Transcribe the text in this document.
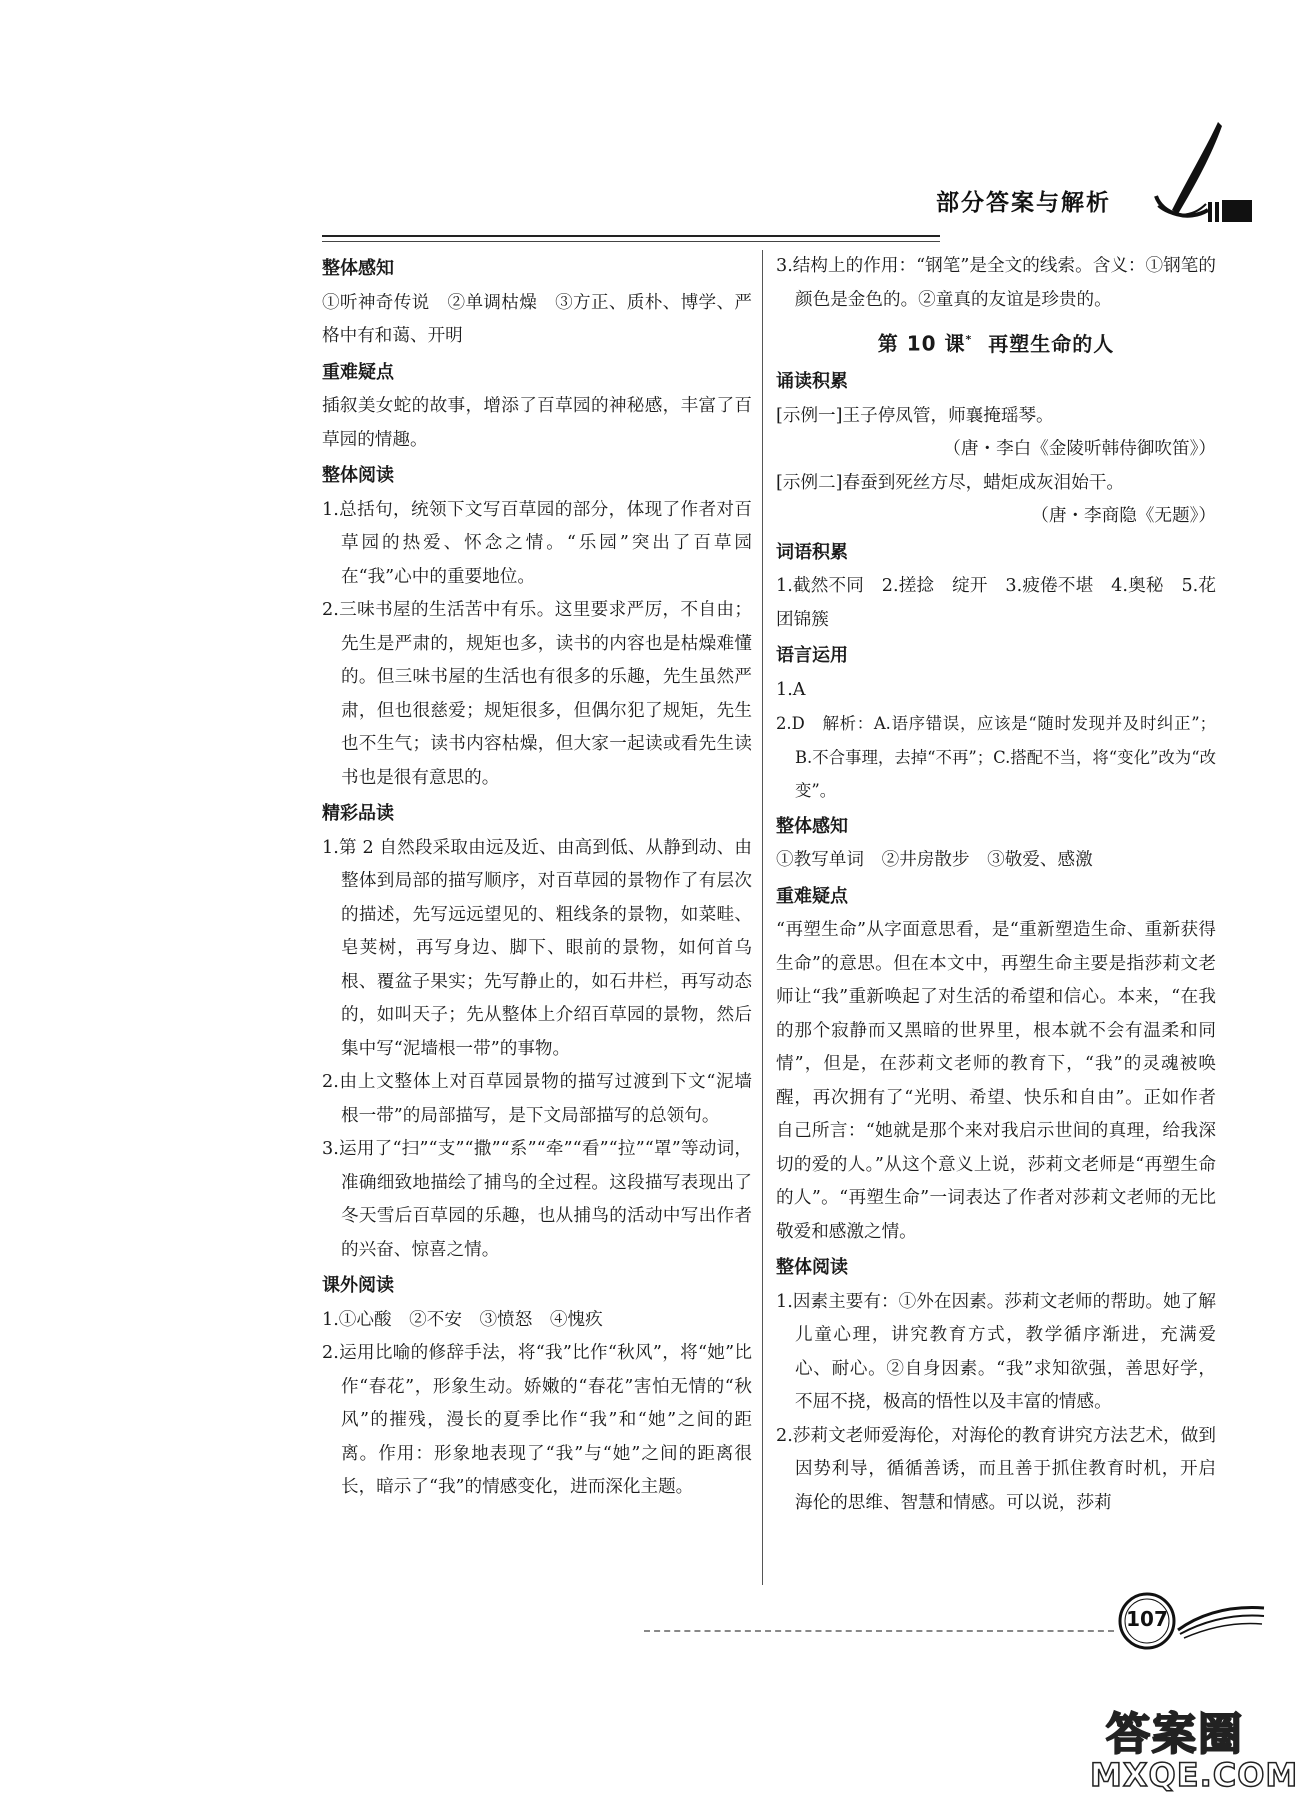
部分答案与解析
整体感知

①听神奇传说　②单调枯燥　③方正、质朴、博学、严格中有和蔼、开明

重难疑点

插叙美女蛇的故事，增添了百草园的神秘感，丰富了百草园的情趣。

整体阅读

1.总括句，统领下文写百草园的部分，体现了作者对百草园的热爱、怀念之情。“乐园”突出了百草园在“我”心中的重要地位。

2.三味书屋的生活苦中有乐。这里要求严厉，不自由；先生是严肃的，规矩也多，读书的内容也是枯燥难懂的。但三味书屋的生活也有很多的乐趣，先生虽然严肃，但也很慈爱；规矩很多，但偶尔犯了规矩，先生也不生气；读书内容枯燥，但大家一起读或看先生读书也是很有意思的。

精彩品读

1.第 2 自然段采取由远及近、由高到低、从静到动、由整体到局部的描写顺序，对百草园的景物作了有层次的描述，先写远远望见的、粗线条的景物，如菜畦、皂荚树，再写身边、脚下、眼前的景物，如何首乌根、覆盆子果实；先写静止的，如石井栏，再写动态的，如叫天子；先从整体上介绍百草园的景物，然后集中写“泥墙根一带”的事物。

2.由上文整体上对百草园景物的描写过渡到下文“泥墙根一带”的局部描写，是下文局部描写的总领句。

3.运用了“扫”“支”“撒”“系”“牵”“看”“拉”“罩”等动词，准确细致地描绘了捕鸟的全过程。这段描写表现出了冬天雪后百草园的乐趣，也从捕鸟的活动中写出作者的兴奋、惊喜之情。

课外阅读

1.①心酸　②不安　③愤怒　④愧疚

2.运用比喻的修辞手法，将“我”比作“秋风”，将“她”比作“春花”，形象生动。娇嫩的“春花”害怕无情的“秋风”的摧残，漫长的夏季比作“我”和“她”之间的距离。作用：形象地表现了“我”与“她”之间的距离很长，暗示了“我”的情感变化，进而深化主题。

3.结构上的作用：“钢笔”是全文的线索。含义：①钢笔的颜色是金色的。②童真的友谊是珍贵的。

第 10 课* 再塑生命的人
诵读积累

[示例一]王子停凤管，师襄掩瑶琴。

（唐・李白《金陵听韩侍御吹笛》）

[示例二]春蚕到死丝方尽，蜡炬成灰泪始干。

（唐・李商隐《无题》）

词语积累

1.截然不同　2.搓捻　绽开　3.疲倦不堪　4.奥秘　5.花团锦簇

语言运用

1.A

2.D　解析：A.语序错误，应该是“随时发现并及时纠正”；B.不合事理，去掉“不再”；C.搭配不当，将“变化”改为“改变”。

整体感知

①教写单词　②井房散步　③敬爱、感激

重难疑点

“再塑生命”从字面意思看，是“重新塑造生命、重新获得生命”的意思。但在本文中，再塑生命主要是指莎莉文老师让“我”重新唤起了对生活的希望和信心。本来，“在我的那个寂静而又黑暗的世界里，根本就不会有温柔和同情”，但是，在莎莉文老师的教育下，“我”的灵魂被唤醒，再次拥有了“光明、希望、快乐和自由”。正如作者自己所言：“她就是那个来对我启示世间的真理，给我深切的爱的人。”从这个意义上说，莎莉文老师是“再塑生命的人”。“再塑生命”一词表达了作者对莎莉文老师的无比敬爱和感激之情。

整体阅读

1.因素主要有：①外在因素。莎莉文老师的帮助。她了解儿童心理，讲究教育方式，教学循序渐进，充满爱心、耐心。②自身因素。“我”求知欲强，善思好学，不屈不挠，极高的悟性以及丰富的情感。

2.莎莉文老师爱海伦，对海伦的教育讲究方法艺术，做到因势利导，循循善诱，而且善于抓住教育时机，开启海伦的思维、智慧和情感。可以说，莎莉

107
答案圈
MXQE.COM
